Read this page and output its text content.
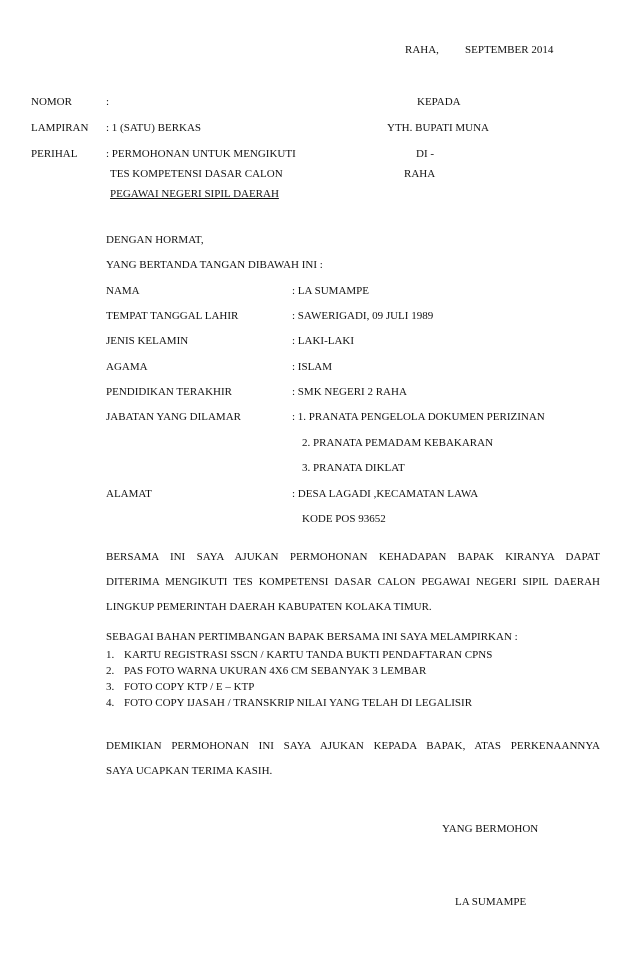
RAHA, SEPTEMBER 2014
NOMOR	:	KEPADA
LAMPIRAN : 1 (SATU) BERKAS	YTH. BUPATI MUNA
PERIHAL	: PERMOHONAN UNTUK MENGIKUTI	DI -
TES KOMPETENSI DASAR CALON	RAHA
PEGAWAI NEGERI SIPIL DAERAH
DENGAN HORMAT,
YANG BERTANDA TANGAN DIBAWAH INI :
NAMA	: LA SUMAMPE
TEMPAT TANGGAL LAHIR	: SAWERIGADI, 09 JULI 1989
JENIS KELAMIN	: LAKI-LAKI
AGAMA	: ISLAM
PENDIDIKAN TERAKHIR	: SMK NEGERI 2 RAHA
JABATAN YANG DILAMAR	: 1. PRANATA PENGELOLA DOKUMEN PERIZINAN
2. PRANATA PEMADAM KEBAKARAN
3. PRANATA DIKLAT
ALAMAT	: DESA LAGADI ,KECAMATAN LAWA
KODE POS 93652
BERSAMA INI SAYA AJUKAN PERMOHONAN KEHADAPAN BAPAK KIRANYA DAPAT
DITERIMA MENGIKUTI TES KOMPETENSI DASAR CALON PEGAWAI NEGERI SIPIL DAERAH
LINGKUP PEMERINTAH DAERAH KABUPATEN KOLAKA TIMUR.
SEBAGAI BAHAN PERTIMBANGAN BAPAK BERSAMA INI SAYA MELAMPIRKAN :
1. KARTU REGISTRASI SSCN / KARTU TANDA BUKTI PENDAFTARAN CPNS
2. PAS FOTO WARNA UKURAN 4X6 CM SEBANYAK 3 LEMBAR
3. FOTO COPY KTP / E – KTP
4. FOTO COPY IJASAH / TRANSKRIP NILAI YANG TELAH DI LEGALISIR
DEMIKIAN PERMOHONAN INI SAYA AJUKAN KEPADA BAPAK, ATAS PERKENAANNYA
SAYA UCAPKAN TERIMA KASIH.
YANG BERMOHON
LA SUMAMPE
